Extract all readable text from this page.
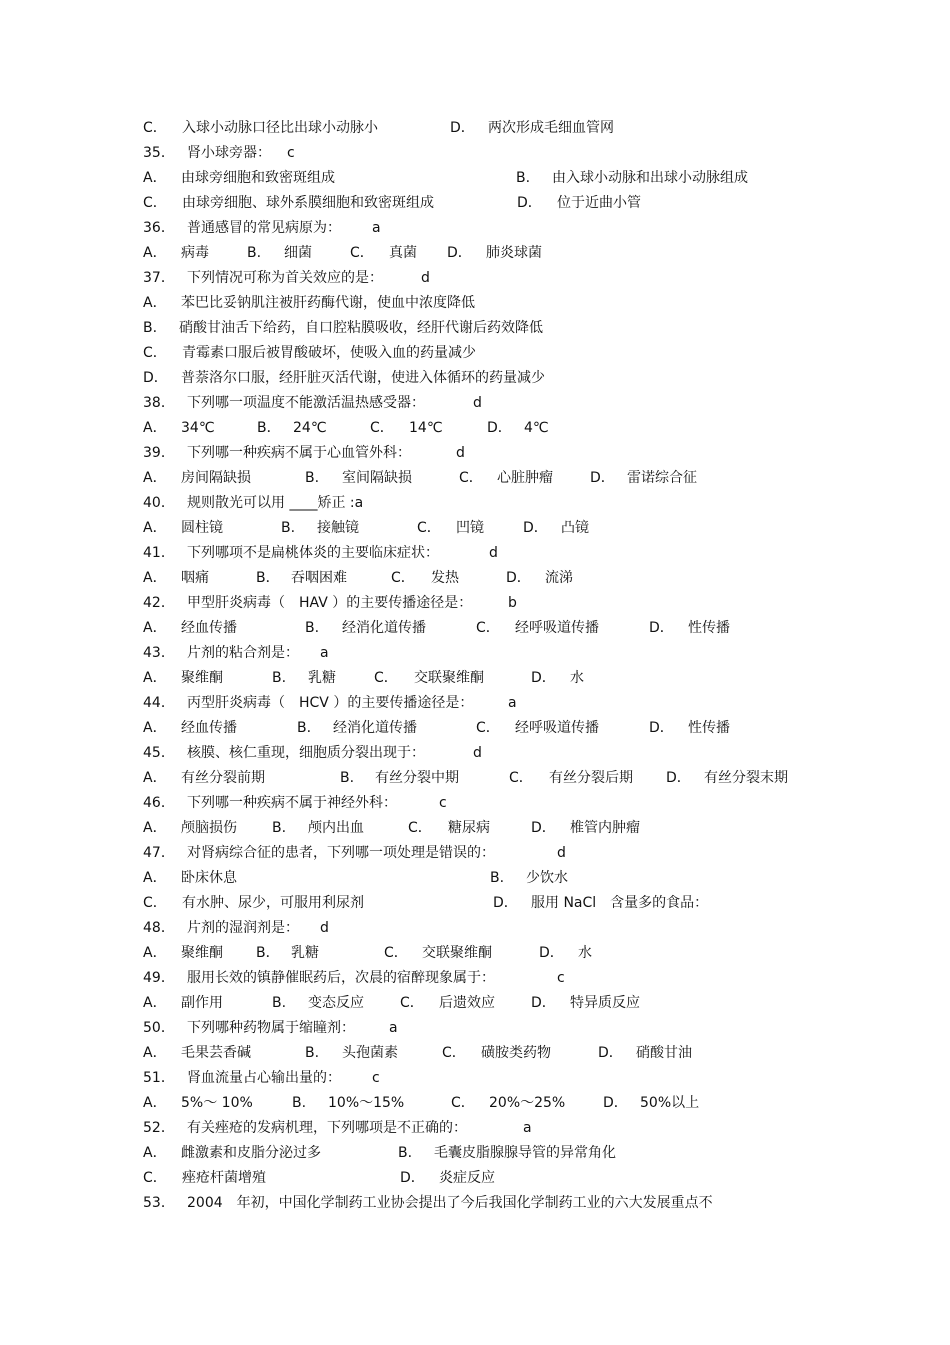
C． 入球小动脉口径比出球小动脉小	D． 两次形成毛细血管网
35． 肾小球旁器： c
A． 由球旁细胞和致密斑组成	B. 由入球小动脉和出球小动脉组成
C． 由球旁细胞、球外系膜细胞和致密斑组成	D． 位于近曲小管
36． 普通感冒的常见病原为： a
A． 病毒	B. 细菌	C． 真菌 D． 肺炎球菌
37． 下列情况可称为首关效应的是：	d
A． 苯巴比妥钠肌注被肝药酶代谢，使血中浓度降低
B. 硝酸甘油舌下给药，自口腔粘膜吸收，经肝代谢后药效降低
C． 青霉素口服后被胃酸破坏，使吸入血的药量减少
D． 普萘洛尔口服，经肝脏灭活代谢，使进入体循环的药量减少
38． 下列哪一项温度不能激活温热感受器：	d
A． 34℃	B． 24℃	C． 14℃	D． 4℃
39． 下列哪一种疾病不属于心血管外科：	d
A． 房间隔缺损	B. 室间隔缺损	C． 心脏肿瘤	D． 雷诺综合征
40． 规则散光可以用 ____矫正 :a
A． 圆柱镜	B. 接触镜	C． 凹镜	D． 凸镜
41． 下列哪项不是扁桃体炎的主要临床症状：	d
A． 咽痛	B． 吞咽困难	C． 发热	D． 流涕
42． 甲型肝炎病毒（　HAV ）的主要传播途径是：	b
A． 经血传播	B. 经消化道传播	C． 经呼吸道传播	D． 性传播
43． 片剂的粘合剂是： a
A． 聚维酮	B. 乳糖	C． 交联聚维酮	D． 水
44． 丙型肝炎病毒（　HCV ）的主要传播途径是： a
A． 经血传播	B. 经消化道传播	C． 经呼吸道传播	D． 性传播
45． 核膜、核仁重现，细胞质分裂出现于：	d
A． 有丝分裂前期	B. 有丝分裂中期	C． 有丝分裂后期 D． 有丝分裂末期
46． 下列哪一种疾病不属于神经外科：	c
A． 颅脑损伤	B. 颅内出血	C． 糖尿病	D． 椎管内肿瘤
47． 对肾病综合征的患者，下列哪一项处理是错误的：	d
A． 卧床休息	B. 少饮水
C． 有水肿、尿少，可服用利尿剂	D． 服用 NaCl　含量多的食品：
48． 片剂的湿润剂是： d
A． 聚维酮 B． 乳糖	C． 交联聚维酮	D． 水
49． 服用长效的镇静催眠药后，次晨的宿醉现象属于：	c
A． 副作用	B. 变态反应	C． 后遗效应	D． 特异质反应
50． 下列哪种药物属于缩瞳剂： a
A． 毛果芸香碱	B. 头孢菌素	C． 磺胺类药物	D． 硝酸甘油
51． 肾血流量占心输出量的： c
A． 5%～ 10%	B. 10%～15%	C． 20%～25%	D． 50%以上
52． 有关痤疮的发病机理，下列哪项是不正确的：	a
A． 雌激素和皮脂分泌过多	B. 毛囊皮脂腺腺导管的异常角化
C． 痤疮杆菌增殖	D． 炎症反应
53． 2004　年初，中国化学制药工业协会提出了今后我国化学制药工业的六大发展重点不
